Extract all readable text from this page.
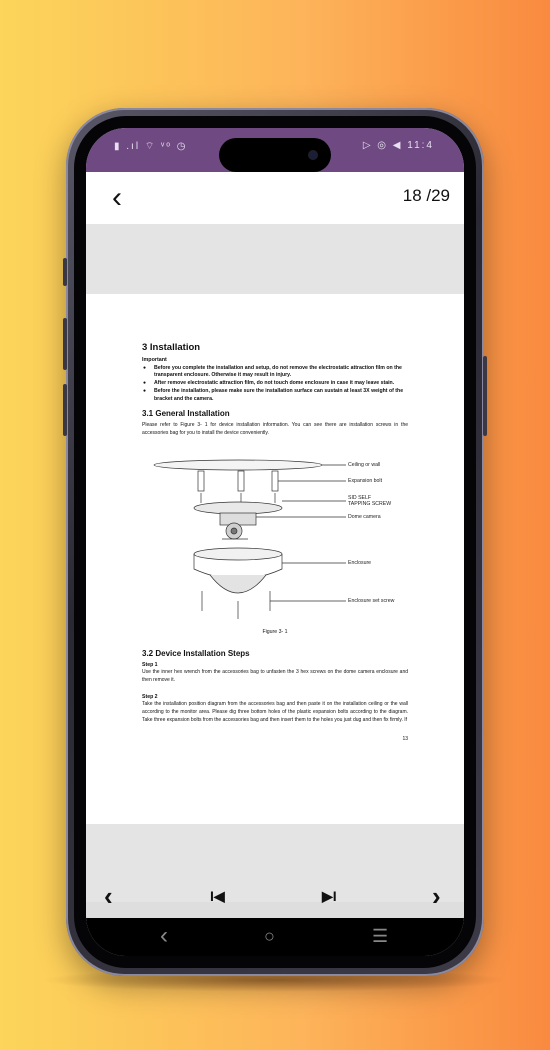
▮ .ıl ⌔ ᵛᵒ ◷	▷ ◎ ◀ 11:4
‹	18 /29
3 Installation
Important
● Before you complete the installation and setup, do not remove the electrostatic attraction film on the transparent enclosure. Otherwise it may result in injury.
● After remove electrostatic attraction film, do not touch dome enclosure in case it may leave stain.
● Before the installation, please make sure the installation surface can sustain at least 3X weight of the bracket and the camera.
3.1 General Installation
Please refer to Figure 3- 1 for device installation information. You can see there are installation screws in the accessories bag for you to install the device conveniently.
Ceiling or wall
Expansion bolt
SID SELF
TAPPING SCREW
Dome camera
Enclosure
Enclosure set screw
Figure 3- 1
3.2 Device Installation Steps
Step 1
Use the inner hex wrench from the accessories bag to unfasten the 3 hex screws on the dome camera enclosure and then remove it.
Step 2
Take the installation position diagram from the accessories bag and then paste it on the installation ceiling or the wall according to the monitor area. Please dig three bottom holes of the plastic expansion bolts according to the diagram. Take three expansion bolts from the accessories bag and then insert them to the holes you just dug and then fix firmly. If
13
‹	I◀	▶I	›
‹	○	☰
